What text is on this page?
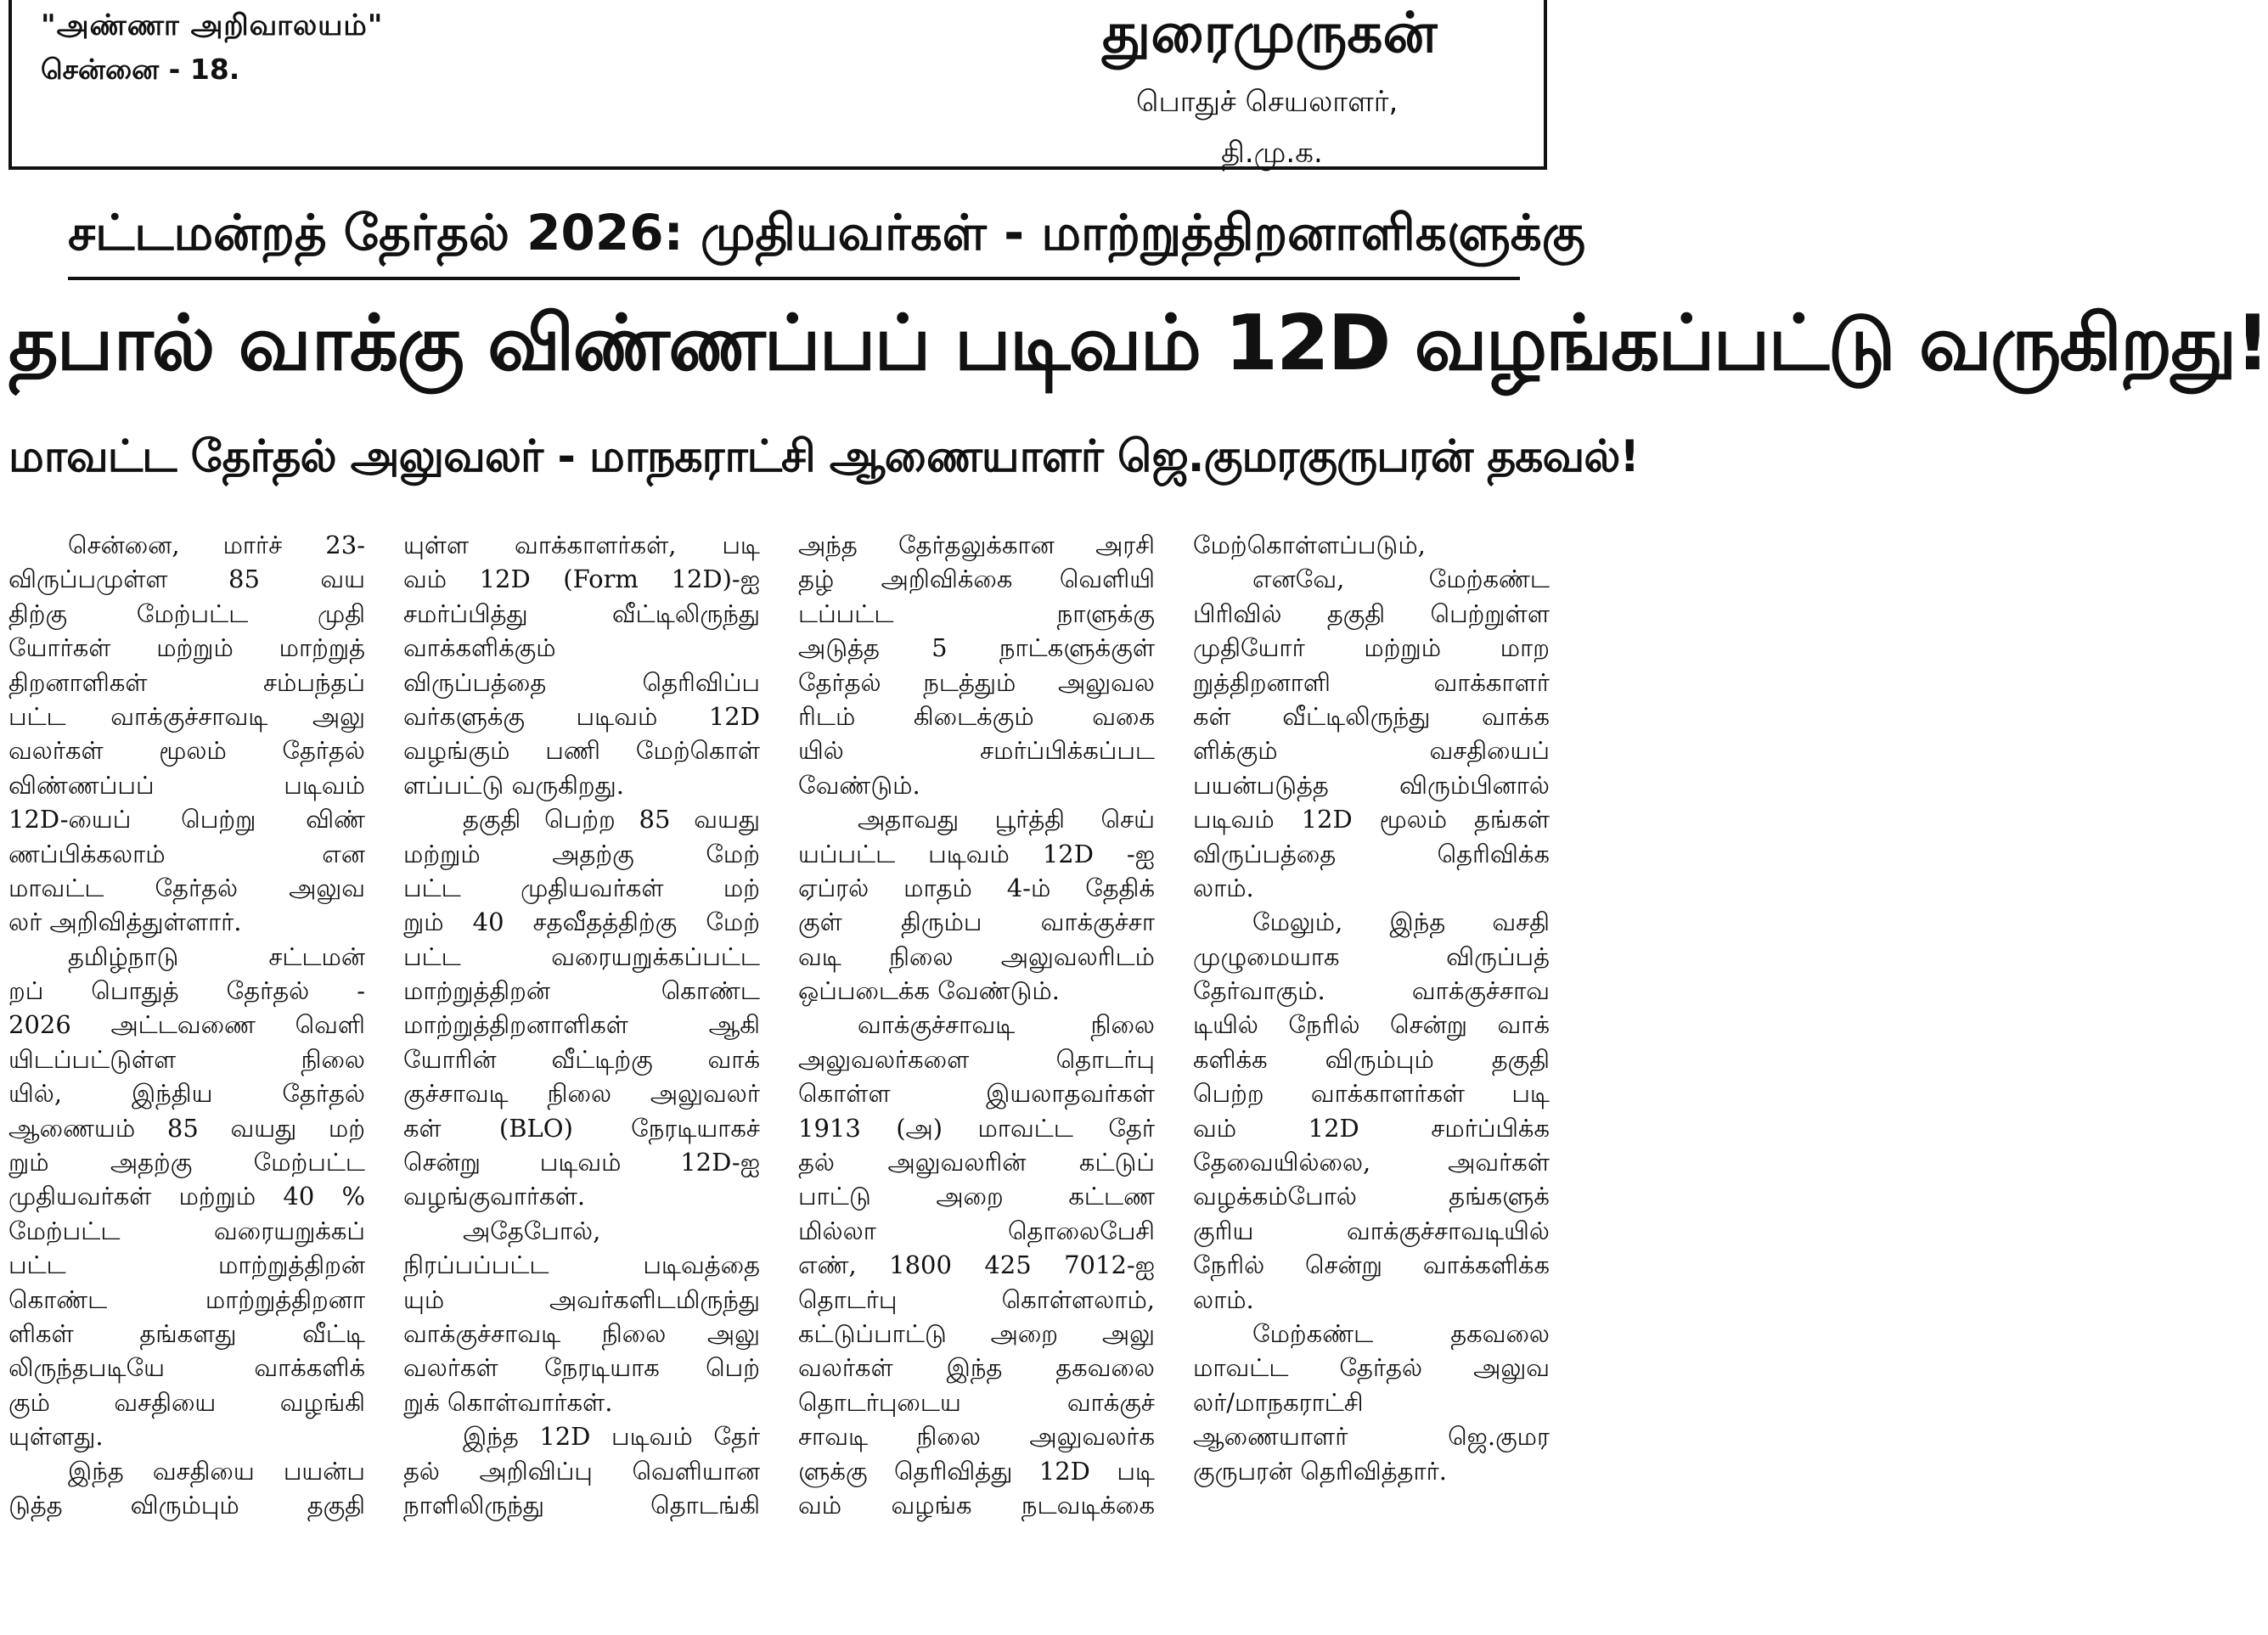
"அண்ணா அறிவாலயம்"
சென்னை - 18.
துரைமுருகன்
பொதுச் செயலாளர்,
தி.மு.க.
சட்டமன்றத் தேர்தல் 2026: முதியவர்கள் - மாற்றுத்திறனாளிகளுக்கு
தபால் வாக்கு விண்ணப்பப் படிவம் 12D வழங்கப்பட்டு வருகிறது!
மாவட்ட தேர்தல் அலுவலர் - மாநகராட்சி ஆணையாளர் ஜெ.குமரகுருபரன் தகவல்!
சென்னை, மார்ச் 23-
விருப்பமுள்ள 85 வய
திற்கு மேற்பட்ட முதி
யோர்கள் மற்றும் மாற்றுத்
திறனாளிகள் சம்பந்தப்
பட்ட வாக்குச்சாவடி அலு
வலர்கள் மூலம் தேர்தல்
விண்ணப்பப் படிவம்
12D-யைப் பெற்று விண்
ணப்பிக்கலாம் என
மாவட்ட தேர்தல் அலுவ
லர் அறிவித்துள்ளார்.
தமிழ்நாடு சட்டமன்
றப் பொதுத் தேர்தல் -
2026 அட்டவணை வெளி
யிடப்பட்டுள்ள நிலை
யில், இந்திய தேர்தல்
ஆணையம் 85 வயது மற்
றும் அதற்கு மேற்பட்ட
முதியவர்கள் மற்றும் 40 %
மேற்பட்ட வரையறுக்கப்
பட்ட மாற்றுத்திறன்
கொண்ட மாற்றுத்திறனா
ளிகள் தங்களது வீட்டி
லிருந்தபடியே வாக்களிக்
கும் வசதியை வழங்கி
யுள்ளது.
இந்த வசதியை பயன்ப
டுத்த விரும்பும் தகுதி
யுள்ள வாக்காளர்கள், படி
வம் 12D (Form 12D)-ஐ
சமர்ப்பித்து வீட்டிலிருந்து
வாக்களிக்கும்
விருப்பத்தை தெரிவிப்ப
வர்களுக்கு படிவம் 12D
வழங்கும் பணி மேற்கொள்
ளப்பட்டு வருகிறது.
தகுதி பெற்ற 85 வயது
மற்றும் அதற்கு மேற்
பட்ட முதியவர்கள் மற்
றும் 40 சதவீதத்திற்கு மேற்
பட்ட வரையறுக்கப்பட்ட
மாற்றுத்திறன் கொண்ட
மாற்றுத்திறனாளிகள் ஆகி
யோரின் வீட்டிற்கு வாக்
குச்சாவடி நிலை அலுவலர்
கள் (BLO) நேரடியாகச்
சென்று படிவம் 12D-ஐ
வழங்குவார்கள்.
அதேபோல்,
நிரப்பப்பட்ட படிவத்தை
யும் அவர்களிடமிருந்து
வாக்குச்சாவடி நிலை அலு
வலர்கள் நேரடியாக பெற்
றுக் கொள்வார்கள்.
இந்த 12D படிவம் தேர்
தல் அறிவிப்பு வெளியான
நாளிலிருந்து தொடங்கி
அந்த தேர்தலுக்கான அரசி
தழ் அறிவிக்கை வெளியி
டப்பட்ட நாளுக்கு
அடுத்த 5 நாட்களுக்குள்
தேர்தல் நடத்தும் அலுவல
ரிடம் கிடைக்கும் வகை
யில் சமர்ப்பிக்கப்பட
வேண்டும்.
அதாவது பூர்த்தி செய்
யப்பட்ட படிவம் 12D -ஐ
ஏப்ரல் மாதம் 4-ம் தேதிக்
குள் திரும்ப வாக்குச்சா
வடி நிலை அலுவலரிடம்
ஒப்படைக்க வேண்டும்.
வாக்குச்சாவடி நிலை
அலுவலர்களை தொடர்பு
கொள்ள இயலாதவர்கள்
1913 (அ) மாவட்ட தேர்
தல் அலுவலரின் கட்டுப்
பாட்டு அறை கட்டண
மில்லா தொலைபேசி
எண், 1800 425 7012-ஐ
தொடர்பு கொள்ளலாம்,
கட்டுப்பாட்டு அறை அலு
வலர்கள் இந்த தகவலை
தொடர்புடைய வாக்குச்
சாவடி நிலை அலுவலர்க
ளுக்கு தெரிவித்து 12D படி
வம் வழங்க நடவடிக்கை
மேற்கொள்ளப்படும்,
எனவே, மேற்கண்ட
பிரிவில் தகுதி பெற்றுள்ள
முதியோர் மற்றும் மாற
றுத்திறனாளி வாக்காளர்
கள் வீட்டிலிருந்து வாக்க
ளிக்கும் வசதியைப்
பயன்படுத்த விரும்பினால்
படிவம் 12D மூலம் தங்கள்
விருப்பத்தை தெரிவிக்க
லாம்.
மேலும், இந்த வசதி
முழுமையாக விருப்பத்
தேர்வாகும். வாக்குச்சாவ
டியில் நேரில் சென்று வாக்
களிக்க விரும்பும் தகுதி
பெற்ற வாக்காளர்கள் படி
வம் 12D சமர்ப்பிக்க
தேவையில்லை, அவர்கள்
வழக்கம்போல் தங்களுக்
குரிய வாக்குச்சாவடியில்
நேரில் சென்று வாக்களிக்க
லாம்.
மேற்கண்ட தகவலை
மாவட்ட தேர்தல் அலுவ
லர்/மாநகராட்சி
ஆணையாளர் ஜெ.குமர
குருபரன் தெரிவித்தார்.
